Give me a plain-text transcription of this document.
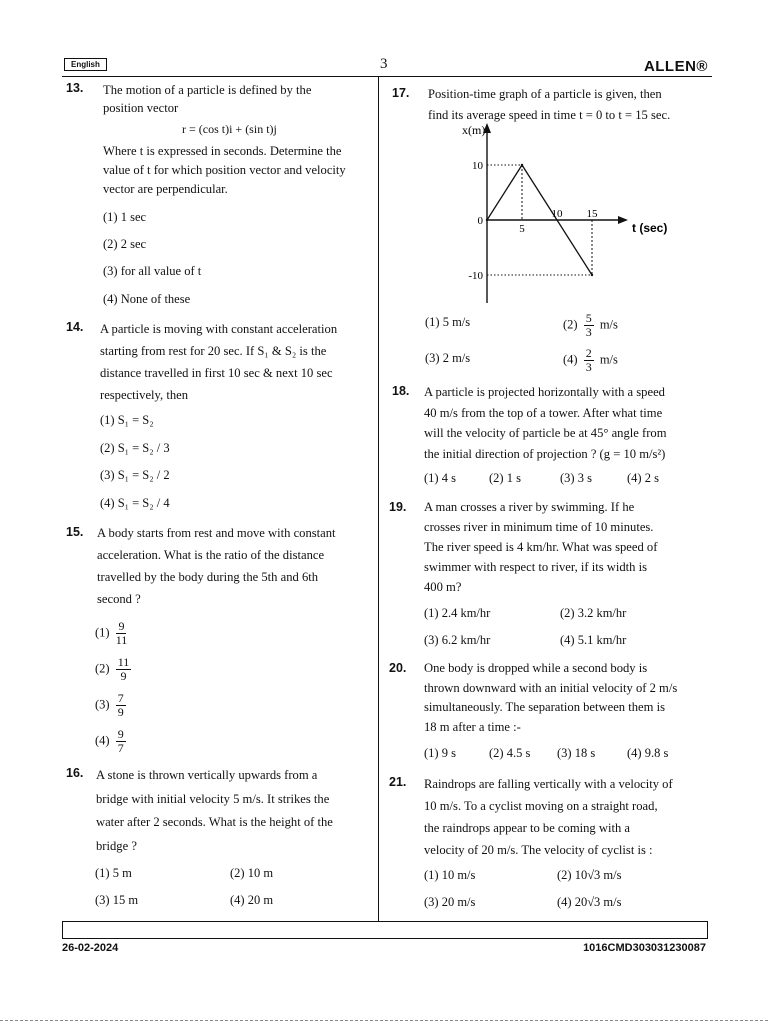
English	3	ALLEN®
13. The motion of a particle is defined by the
position vector
r = (cos t)i + (sin t)j
Where t is expressed in seconds. Determine the
value of t for which position vector and velocity
vector are perpendicular.
(1) 1 sec
(2) 2 sec
(3) for all value of t
(4) None of these
14. A particle is moving with constant acceleration
starting from rest for 20 sec. If S₁ & S₂ is the
distance travelled in first 10 sec & next 10 sec
respectively, then
(1) S₁ = S₂
(2) S₁ = S₂ / 3
(3) S₁ = S₂ / 2
(4) S₁ = S₂ / 4
15. A body starts from rest and move with constant
acceleration. What is the ratio of the distance
travelled by the body during the 5th and 6th
second ?
$(1) \frac{9}{11}$
$(2) \frac{11}{9}$
$(3) \frac{7}{9}$
$(4) \frac{9}{7}$
16. A stone is thrown vertically upwards from a
bridge with initial velocity 5 m/s. It strikes the
water after 2 seconds. What is the height of the
bridge ?
(1) 5 m	(2) 10 m
(3) 15 m	(4) 20 m
17. Position-time graph of a particle is given, then
find its average speed in time t = 0 to t = 15 sec.
x(m)
t (sec)
10
0
-10
5
10 15
(1) 5 m/s	$(2) \frac{5}{3} m/s$
(3) 2 m/s	$(4) \frac{2}{3} m/s$
18. A particle is projected horizontally with a speed
40 m/s from the top of a tower. After what time
will the velocity of particle be at 45° angle from
the initial direction of projection ? (g = 10 m/s²)
(1) 4 s	(2) 1 s	(3) 3 s	(4) 2 s
19. A man crosses a river by swimming. If he
crosses river in minimum time of 10 minutes.
The river speed is 4 km/hr. What was speed of
swimmer with respect to river, if its width is
400 m?
(1) 2.4 km/hr	(2) 3.2 km/hr
(3) 6.2 km/hr	(4) 5.1 km/hr
20. One body is dropped while a second body is
thrown downward with an initial velocity of 2 m/s
simultaneously. The separation between them is
18 m after a time :-
(1) 9 s	(2) 4.5 s (3) 18 s	(4) 9.8 s
21. Raindrops are falling vertically with a velocity of
10 m/s. To a cyclist moving on a straight road,
the raindrops appear to be coming with a
velocity of 20 m/s. The velocity of cyclist is :
(1) 10 m/s	(2) 10√3 m/s
(3) 20 m/s	(4) 20√3 m/s
26-02-2024	1016CMD303031230087
